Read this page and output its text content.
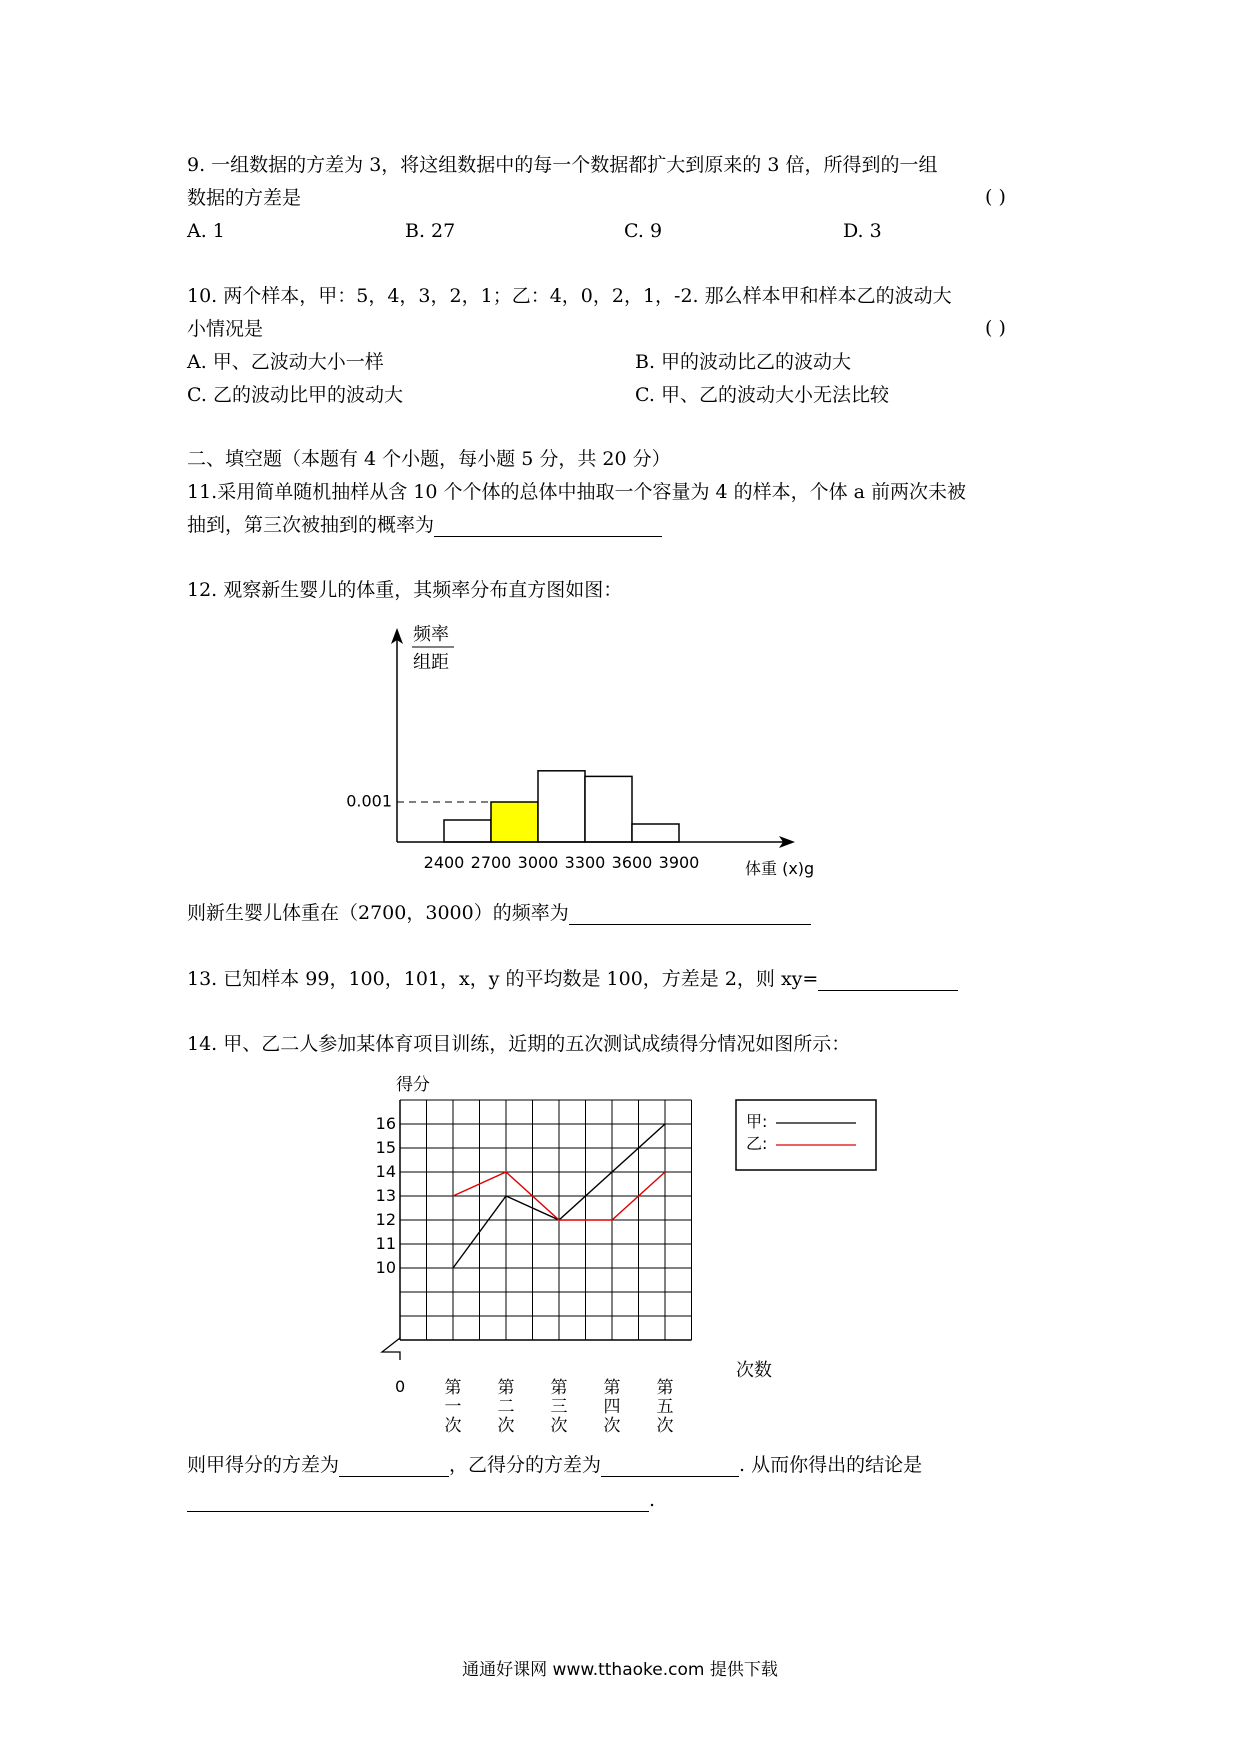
9. 一组数据的方差为 3，将这组数据中的每一个数据都扩大到原来的 3 倍，所得到的一组
数据的方差是	( )
A. 1	B. 27	C. 9	D. 3
10. 两个样本，甲：5，4，3，2，1；乙：4，0，2，1，-2. 那么样本甲和样本乙的波动大
小情况是	( )
A. 甲、乙波动大小一样	B. 甲的波动比乙的波动大
C. 乙的波动比甲的波动大	C. 甲、乙的波动大小无法比较
二、填空题（本题有 4 个小题，每小题 5 分，共 20 分）
11.采用简单随机抽样从含 10 个个体的总体中抽取一个容量为 4 的样本，个体 a 前两次未被
抽到，第三次被抽到的概率为
12. 观察新生婴儿的体重，其频率分布直方图如图：
0.001
频率
组距
2400 2700 3000 3300 3600 3900	体重 (x)g
则新生婴儿体重在（2700，3000）的频率为
13. 已知样本 99，100，101，x，y 的平均数是 100，方差是 2，则 xy=
14. 甲、乙二人参加某体育项目训练，近期的五次测试成绩得分情况如图所示：
得分
10
11
12
13
14
15
16
第一次
第二次
第三次
第四次
第五次
次数
0
甲:
乙:
则甲得分的方差为	，乙得分的方差为	. 从而你得出的结论是
.
通通好课网 www.tthaoke.com 提供下载
